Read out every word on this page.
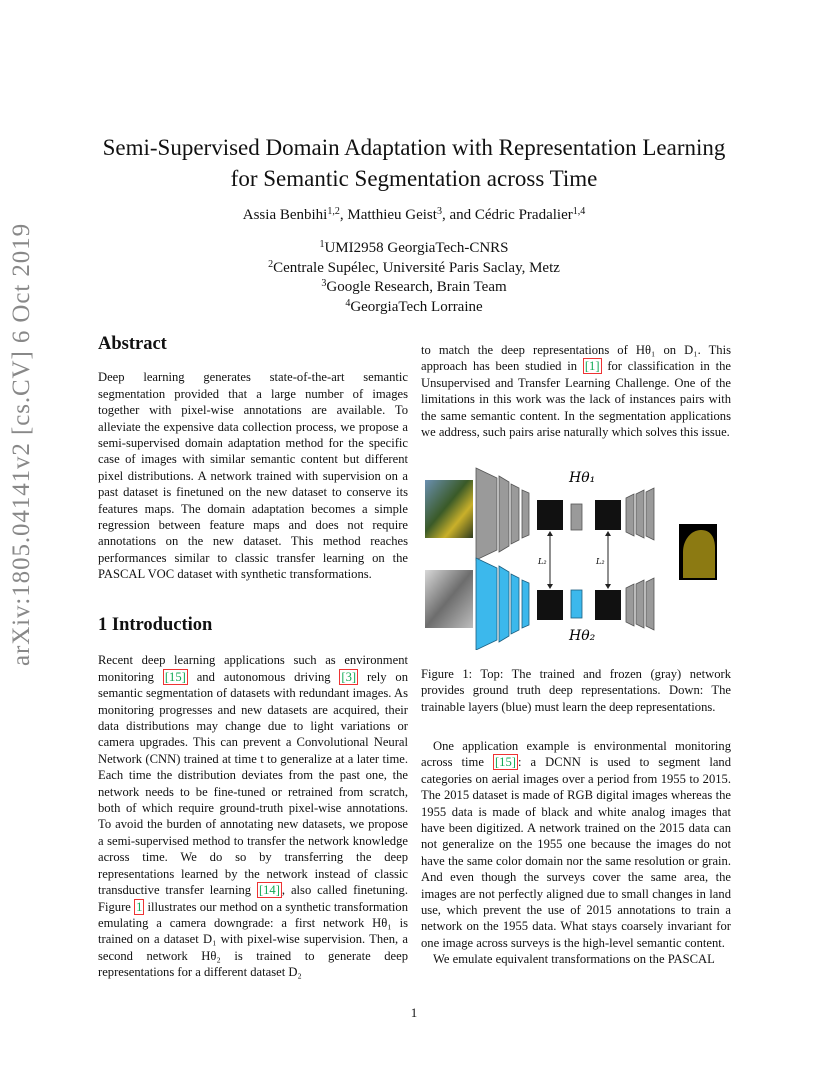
arXiv:1805.04141v2 [cs.CV] 6 Oct 2019
Semi-Supervised Domain Adaptation with Representation Learning
for Semantic Segmentation across Time
Assia Benbihi$^{1,2}$, Matthieu Geist$^3$, and Cédric Pradalier$^{1,4}$
$^1$UMI2958 GeorgiaTech-CNRS
$^2$Centrale Supélec, Université Paris Saclay, Metz
$^3$Google Research, Brain Team
$^4$GeorgiaTech Lorraine
Abstract

Deep learning generates state-of-the-art semantic segmentation provided that a large number of images together with pixel-wise annotations are available. To alleviate the expensive data collection process, we propose a semi-supervised domain adaptation method for the specific case of images with similar semantic content but different pixel distributions. A network trained with supervision on a past dataset is finetuned on the new dataset to conserve its features maps. The domain adaptation becomes a simple regression between feature maps and does not require annotations on the new dataset. This method reaches performances similar to classic transfer learning on the PASCAL VOC dataset with synthetic transformations.

1 Introduction

Recent deep learning applications such as environment monitoring [15] and autonomous driving [3] rely on semantic segmentation of datasets with redundant images. As monitoring progresses and new datasets are acquired, their data distributions may change due to light variations or camera upgrades. This can prevent a Convolutional Neural Network (CNN) trained at time t to generalize at a later time. Each time the distribution deviates from the past one, the network needs to be fine-tuned or retrained from scratch, both of which require ground-truth pixel-wise annotations. To avoid the burden of annotating new datasets, we propose a semi-supervised method to transfer the network knowledge across time. We do so by transferring the deep representations learned by the network instead of classic transductive transfer learning [14] , also called finetuning. Figure 1 illustrates our method on a synthetic transformation emulating a camera downgrade: a first network Hθ₁ is trained on a dataset D₁ with pixel-wise supervision. Then, a second network Hθ₂ is trained to generate deep representations for a different dataset D₂

to match the deep representations of Hθ₁ on D₁. This approach has been studied in [1] for classification in the Unsupervised and Transfer Learning Challenge. One of the limitations in this work was the lack of instances pairs with the same semantic content. In the segmentation applications we address, such pairs arise naturally which solves this issue.

Hθ₁
Hθ₂
L₂	L₂
Figure 1: Top: The trained and frozen (gray) network provides ground truth deep representations. Down: The trainable layers (blue) must learn the deep representations.

One application example is environmental monitoring across time [15] : a DCNN is used to segment land categories on aerial images over a period from 1955 to 2015. The 2015 dataset is made of RGB digital images whereas the 1955 data is made of black and white analog images that have been digitized. A network trained on the 2015 data can not generalize on the 1955 one because the images do not have the same color domain nor the same resolution or grain. And even though the surveys cover the same area, the images are not perfectly aligned due to small changes in land use, which prevent the use of 2015 annotations to train a network on the 1955 data. What stays coarsely invariant for one image across surveys is the high-level semantic content.

We emulate equivalent transformations on the PASCAL

1
